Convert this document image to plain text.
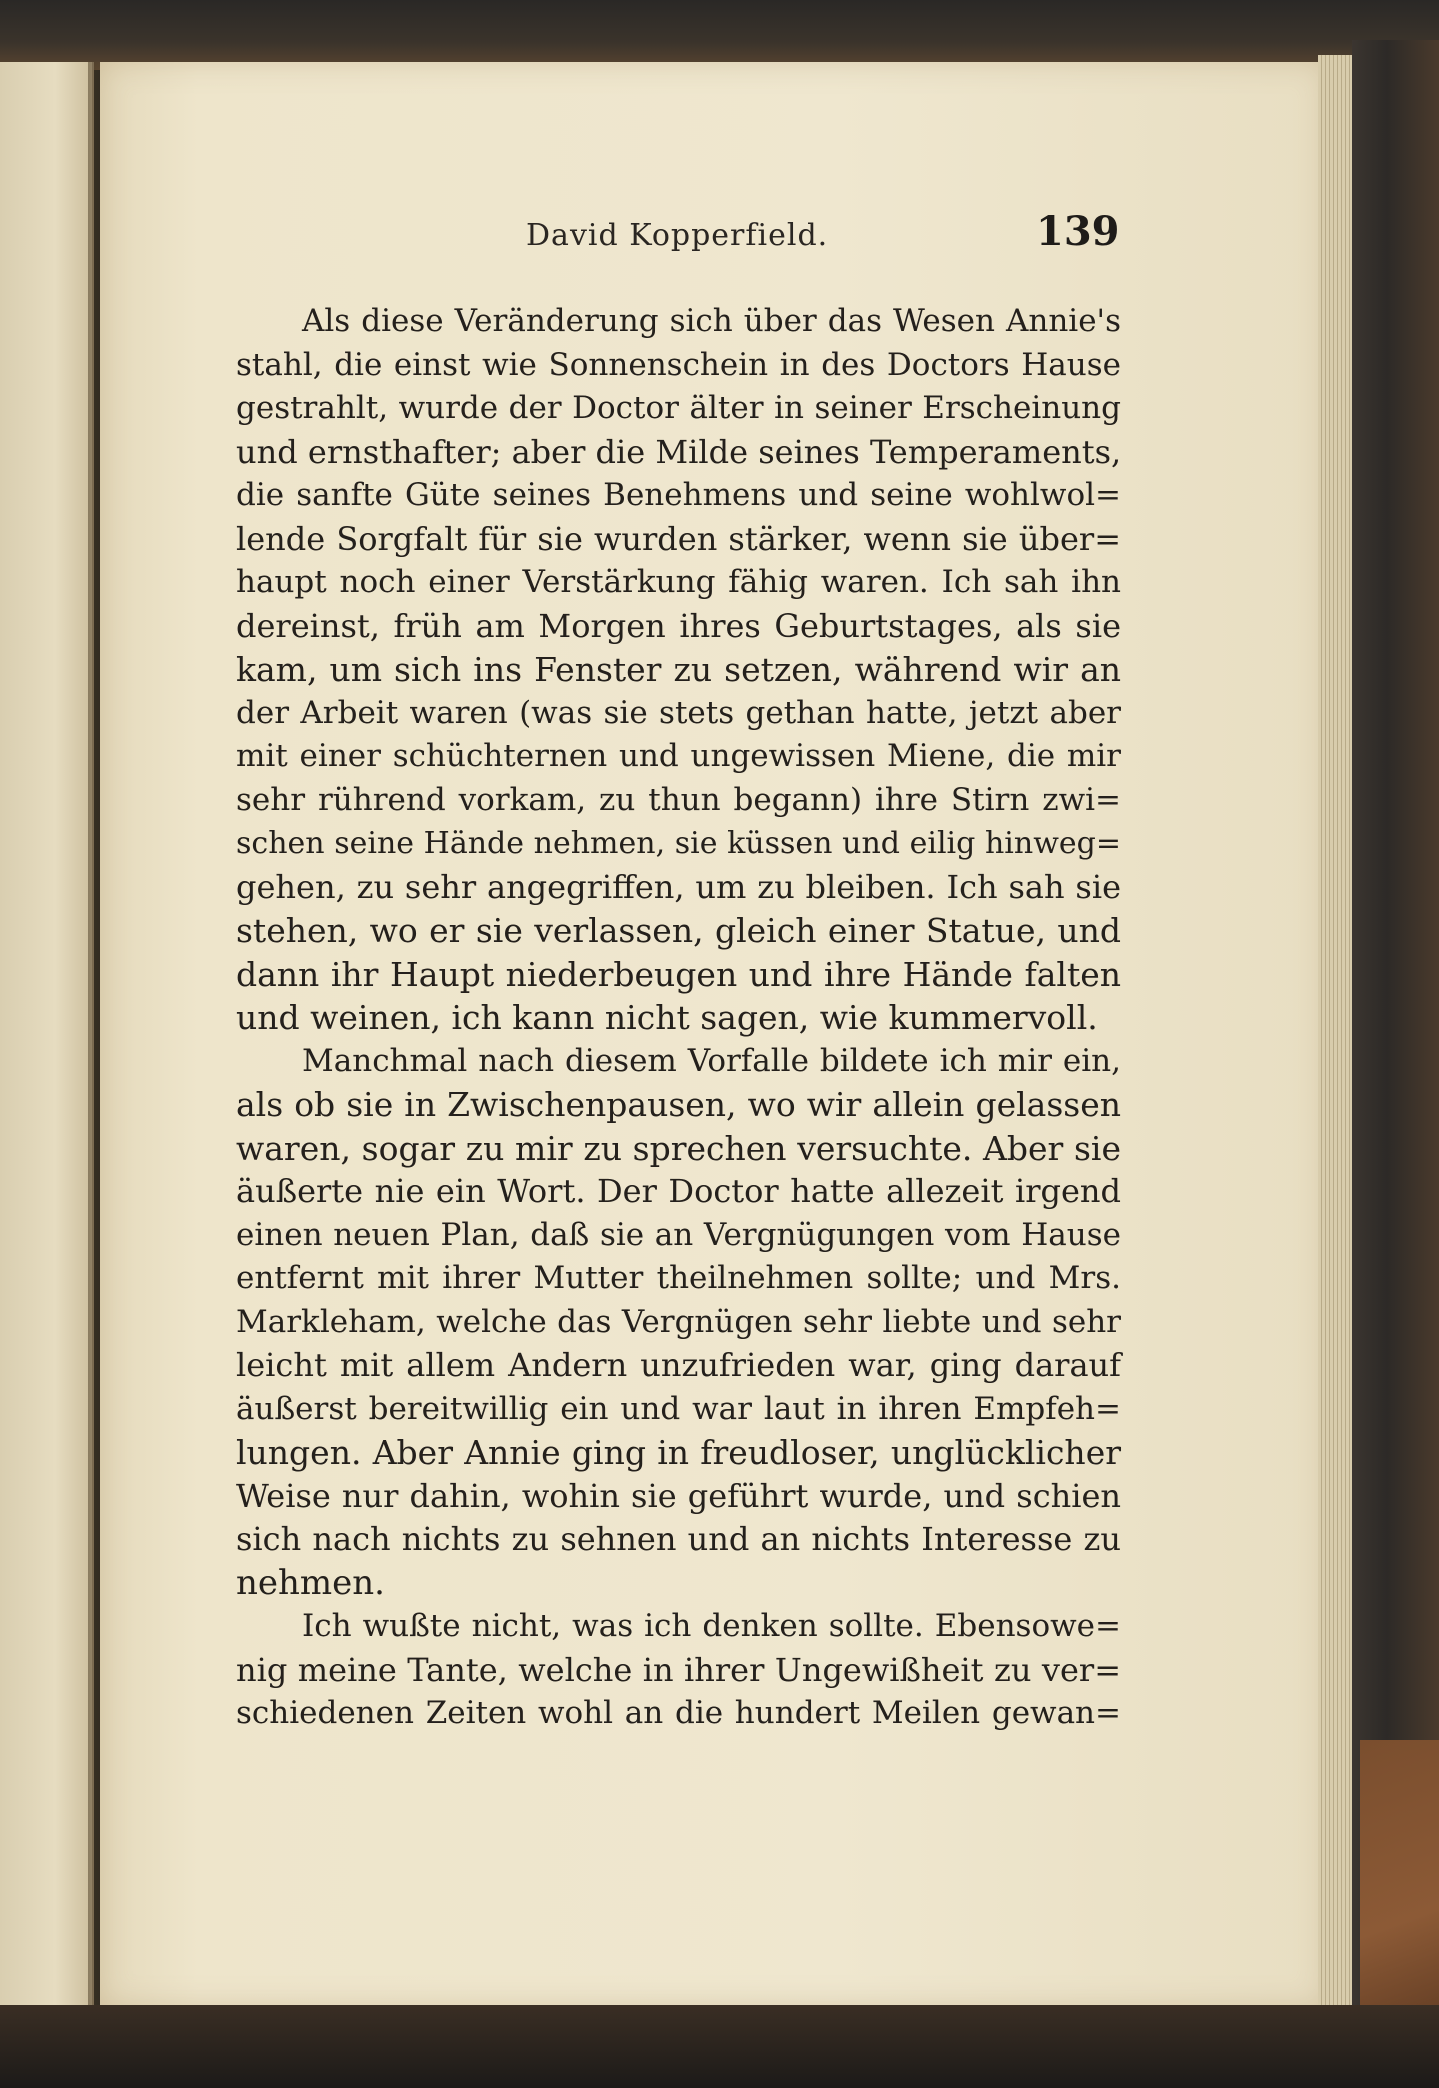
David Kopperfield.	139
Als diese Veränderung sich über das Wesen Annie's
stahl, die einst wie Sonnenschein in des Doctors Hause
gestrahlt, wurde der Doctor älter in seiner Erscheinung
und ernsthafter; aber die Milde seines Temperaments,
die sanfte Güte seines Benehmens und seine wohlwol=
lende Sorgfalt für sie wurden stärker, wenn sie über=
haupt noch einer Verstärkung fähig waren. Ich sah ihn
dereinst, früh am Morgen ihres Geburtstages, als sie
kam, um sich ins Fenster zu setzen, während wir an
der Arbeit waren (was sie stets gethan hatte, jetzt aber
mit einer schüchternen und ungewissen Miene, die mir
sehr rührend vorkam, zu thun begann) ihre Stirn zwi=
schen seine Hände nehmen, sie küssen und eilig hinweg=
gehen, zu sehr angegriffen, um zu bleiben. Ich sah sie
stehen, wo er sie verlassen, gleich einer Statue, und
dann ihr Haupt niederbeugen und ihre Hände falten
und weinen, ich kann nicht sagen, wie kummervoll.
Manchmal nach diesem Vorfalle bildete ich mir ein,
als ob sie in Zwischenpausen, wo wir allein gelassen
waren, sogar zu mir zu sprechen versuchte. Aber sie
äußerte nie ein Wort. Der Doctor hatte allezeit irgend
einen neuen Plan, daß sie an Vergnügungen vom Hause
entfernt mit ihrer Mutter theilnehmen sollte; und Mrs.
Markleham, welche das Vergnügen sehr liebte und sehr
leicht mit allem Andern unzufrieden war, ging darauf
äußerst bereitwillig ein und war laut in ihren Empfeh=
lungen. Aber Annie ging in freudloser, unglücklicher
Weise nur dahin, wohin sie geführt wurde, und schien
sich nach nichts zu sehnen und an nichts Interesse zu
nehmen.
Ich wußte nicht, was ich denken sollte. Ebensowe=
nig meine Tante, welche in ihrer Ungewißheit zu ver=
schiedenen Zeiten wohl an die hundert Meilen gewan=
